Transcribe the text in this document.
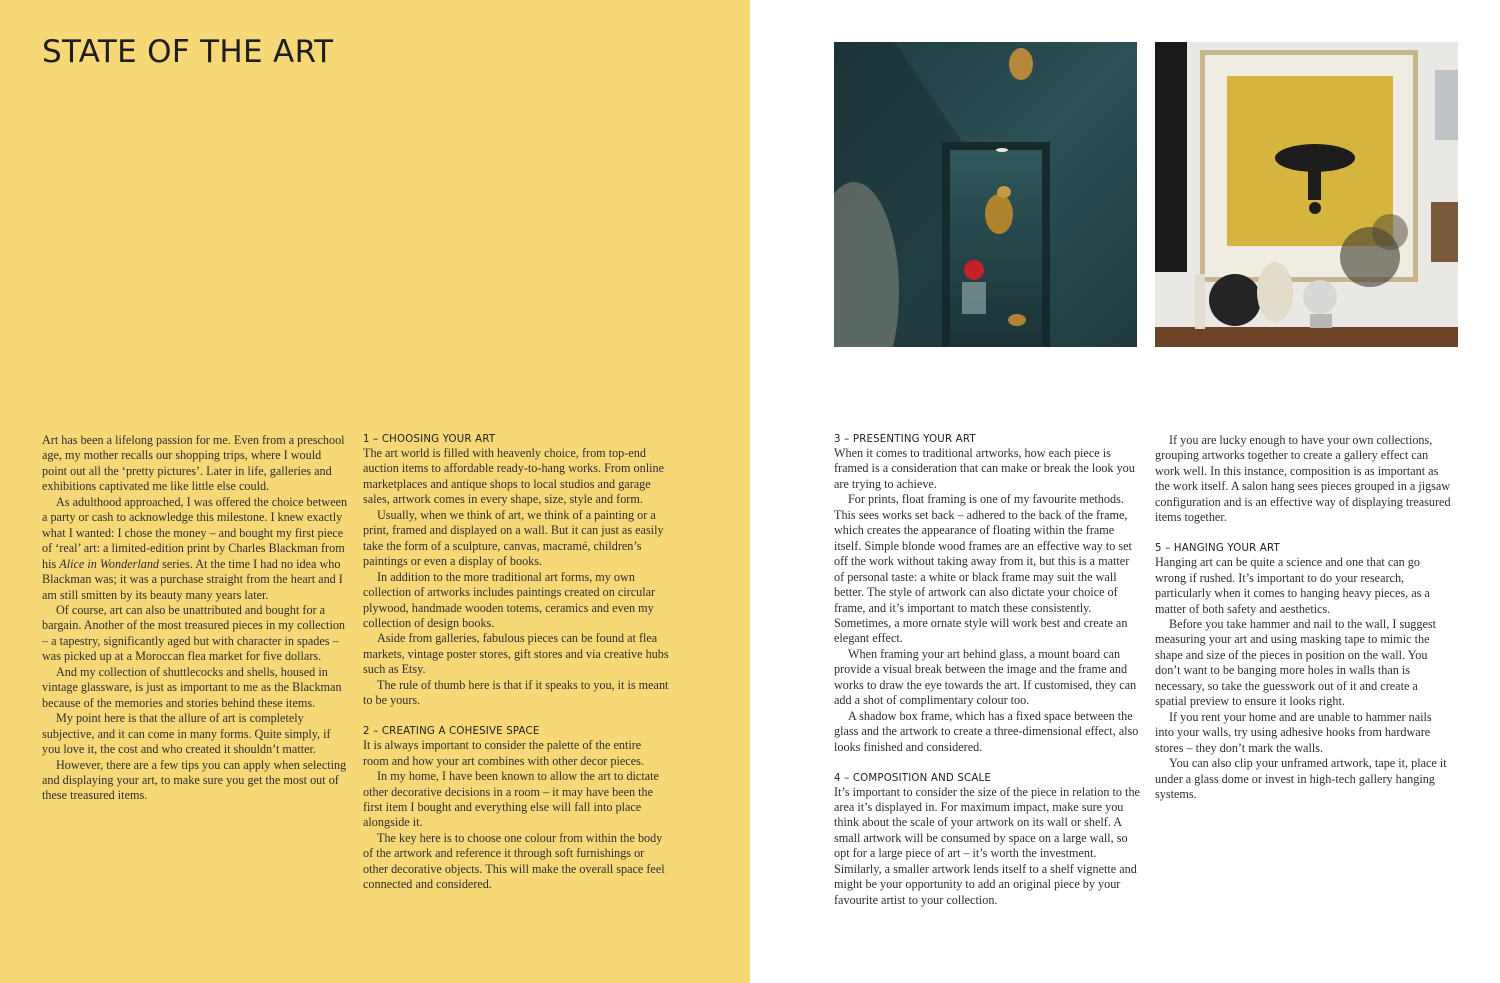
STATE OF THE ART

Art has been a lifelong passion for me. Even from a preschool age, my mother recalls our shopping trips, where I would point out all the ‘pretty pictures’. Later in life, galleries and exhibitions captivated me like little else could.

As adulthood approached, I was offered the choice between a party or cash to acknowledge this milestone. I knew exactly what I wanted: I chose the money – and bought my first piece of ‘real’ art: a limited-edition print by Charles Blackman from his Alice in Wonderland series. At the time I had no idea who Blackman was; it was a purchase straight from the heart and I am still smitten by its beauty many years later.

Of course, art can also be unattributed and bought for a bargain. Another of the most treasured pieces in my collection – a tapestry, significantly aged but with character in spades – was picked up at a Moroccan flea market for five dollars.

And my collection of shuttlecocks and shells, housed in vintage glassware, is just as important to me as the Blackman because of the memories and stories behind these items.

My point here is that the allure of art is completely subjective, and it can come in many forms. Quite simply, if you love it, the cost and who created it shouldn’t matter.

However, there are a few tips you can apply when selecting and displaying your art, to make sure you get the most out of these treasured items.

1 – CHOOSING YOUR ART

The art world is filled with heavenly choice, from top-end auction items to affordable ready-to-hang works. From online marketplaces and antique shops to local studios and garage sales, artwork comes in every shape, size, style and form.

Usually, when we think of art, we think of a painting or a print, framed and displayed on a wall. But it can just as easily take the form of a sculpture, canvas, macramé, children’s paintings or even a display of books.

In addition to the more traditional art forms, my own collection of artworks includes paintings created on circular plywood, handmade wooden totems, ceramics and even my collection of design books.

Aside from galleries, fabulous pieces can be found at flea markets, vintage poster stores, gift stores and via creative hubs such as Etsy.

The rule of thumb here is that if it speaks to you, it is meant to be yours.

2 – CREATING A COHESIVE SPACE

It is always important to consider the palette of the entire room and how your art combines with other decor pieces.

In my home, I have been known to allow the art to dictate other decorative decisions in a room – it may have been the first item I bought and everything else will fall into place alongside it.

The key here is to choose one colour from within the body of the artwork and reference it through soft furnishings or other decorative objects. This will make the overall space feel connected and considered.

3 – PRESENTING YOUR ART

When it comes to traditional artworks, how each piece is framed is a consideration that can make or break the look you are trying to achieve.

For prints, float framing is one of my favourite methods. This sees works set back – adhered to the back of the frame, which creates the appearance of floating within the frame itself. Simple blonde wood frames are an effective way to set off the work without taking away from it, but this is a matter of personal taste: a white or black frame may suit the wall better. The style of artwork can also dictate your choice of frame, and it’s important to match these consistently. Sometimes, a more ornate style will work best and create an elegant effect.

When framing your art behind glass, a mount board can provide a visual break between the image and the frame and works to draw the eye towards the art. If customised, they can add a shot of complimentary colour too.

A shadow box frame, which has a fixed space between the glass and the artwork to create a three-dimensional effect, also looks finished and considered.

4 – COMPOSITION AND SCALE

It’s important to consider the size of the piece in relation to the area it’s displayed in. For maximum impact, make sure you think about the scale of your artwork on its wall or shelf. A small artwork will be consumed by space on a large wall, so opt for a large piece of art – it’s worth the investment. Similarly, a smaller artwork lends itself to a shelf vignette and might be your opportunity to add an original piece by your favourite artist to your collection.

If you are lucky enough to have your own collections, grouping artworks together to create a gallery effect can work well. In this instance, composition is as important as the work itself. A salon hang sees pieces grouped in a jigsaw configuration and is an effective way of displaying treasured items together.

5 – HANGING YOUR ART

Hanging art can be quite a science and one that can go wrong if rushed. It’s important to do your research, particularly when it comes to hanging heavy pieces, as a matter of both safety and aesthetics.

Before you take hammer and nail to the wall, I suggest measuring your art and using masking tape to mimic the shape and size of the pieces in position on the wall. You don’t want to be banging more holes in walls than is necessary, so take the guesswork out of it and create a spatial preview to ensure it looks right.

If you rent your home and are unable to hammer nails into your walls, try using adhesive hooks from hardware stores – they don’t mark the walls.

You can also clip your unframed artwork, tape it, place it under a glass dome or invest in high-tech gallery hanging systems.
